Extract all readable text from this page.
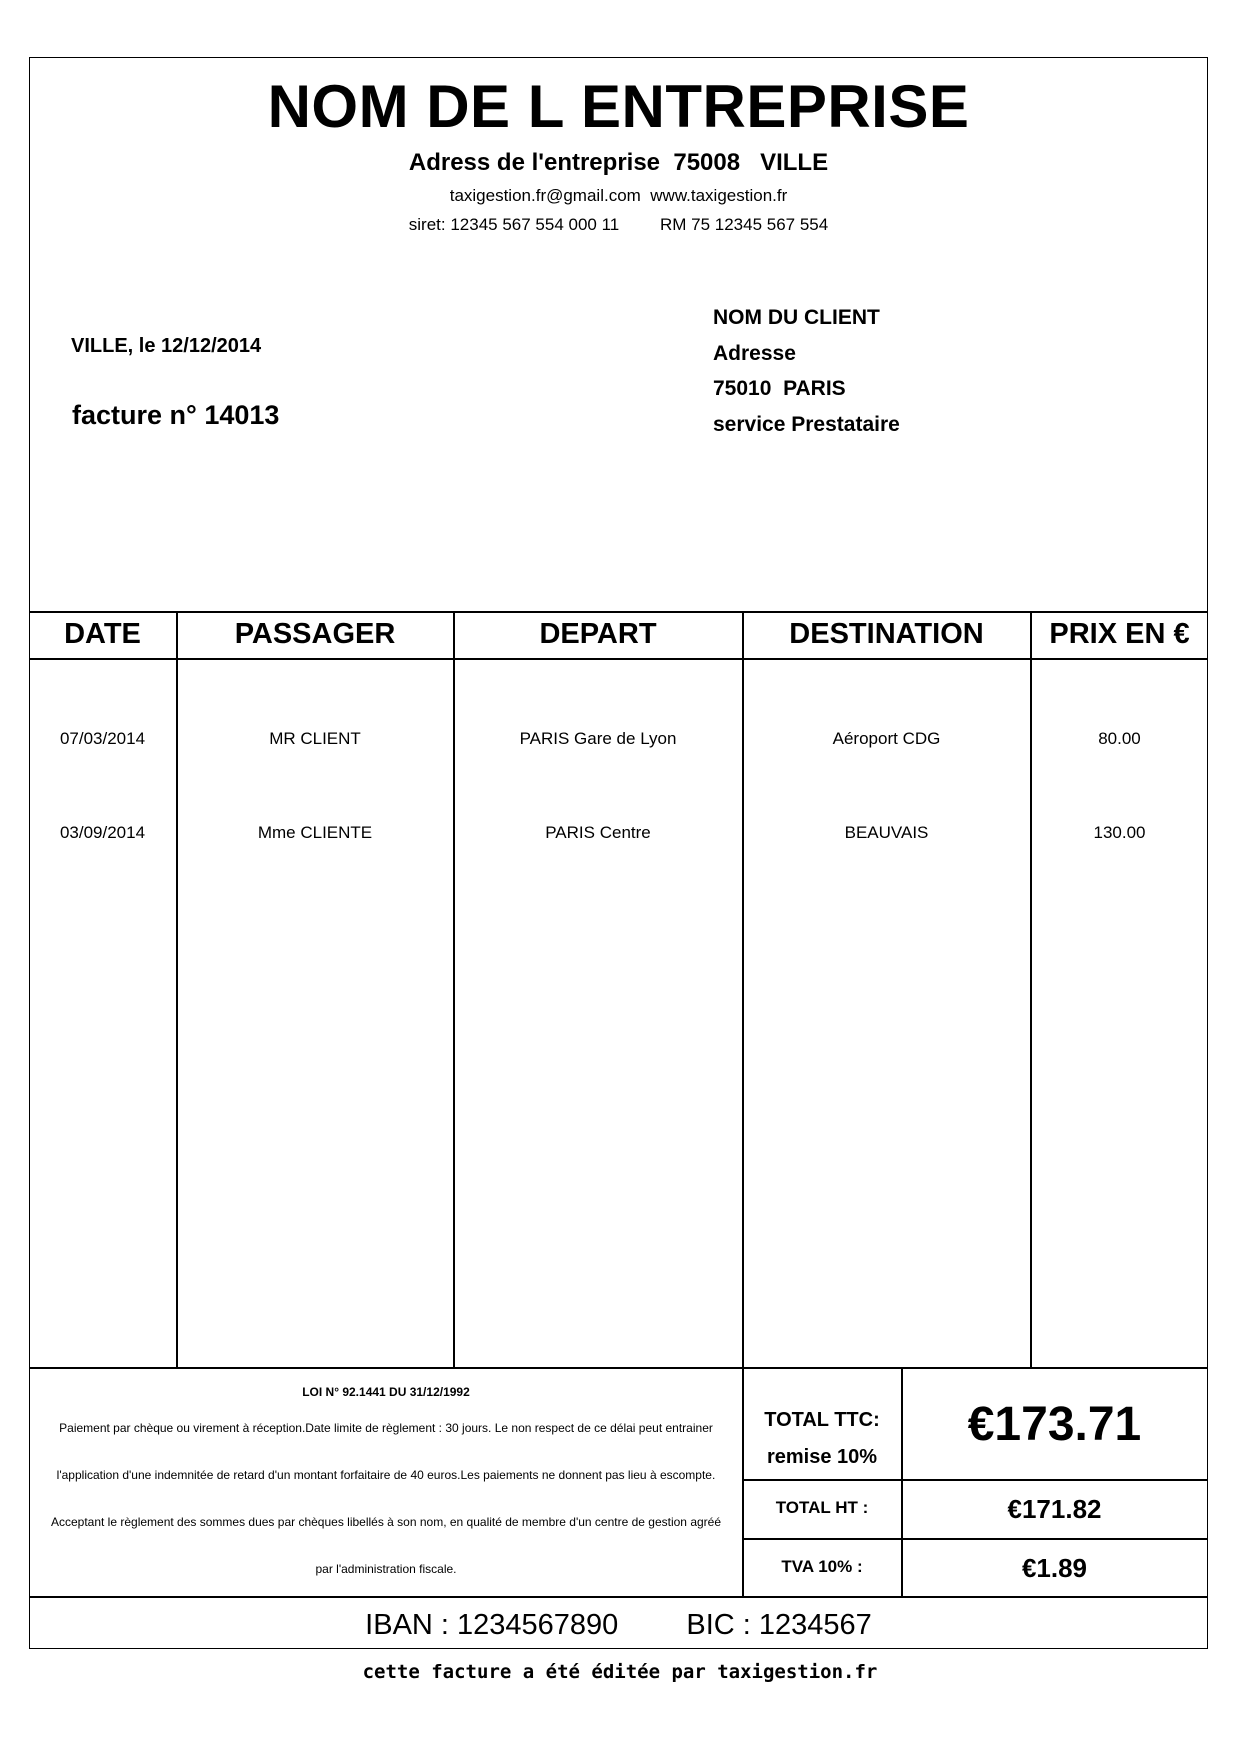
NOM DE L ENTREPRISE
Adress de l'entreprise  75008   VILLE
taxigestion.fr@gmail.com  www.taxigestion.fr
siret: 12345 567 554 000 11 RM 75 12345 567 554
VILLE, le 12/12/2014
facture n° 14013
NOM DU CLIENT
Adresse
75010  PARIS
service Prestataire
DATE	PASSAGER	DEPART	DESTINATION	PRIX EN €
07/03/2014	MR CLIENT	PARIS Gare de Lyon	Aéroport CDG	80.00
03/09/2014	Mme CLIENTE	PARIS Centre	BEAUVAIS	130.00
LOI N° 92.1441 DU 31/12/1992
Paiement par chèque ou virement à réception.Date limite de règlement : 30 jours. Le non respect de ce délai peut entrainer
l'application d'une indemnitée de retard d'un montant forfaitaire de 40 euros.Les paiements ne donnent pas lieu à escompte.
Acceptant le règlement des sommes dues par chèques libellés à son nom, en qualité de membre d'un centre de gestion agréé
par l'administration fiscale.
TOTAL TTC:
remise 10%
€173.71
TOTAL HT :	€171.82
TVA 10% :	€1.89
IBAN : 1234567890 BIC : 1234567
cette facture a été éditée par taxigestion.fr
